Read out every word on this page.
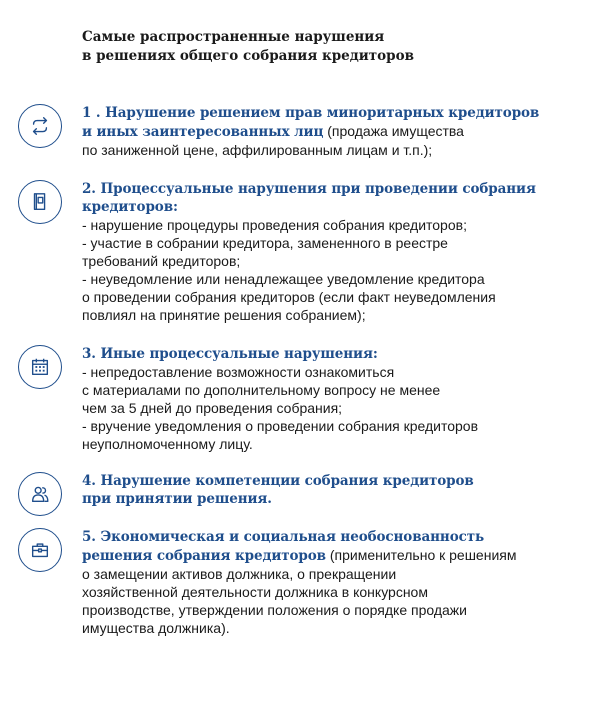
Самые распространенные нарушения
в решениях общего собрания кредиторов
1 . Нарушение решением прав миноритарных кредиторов
и иных заинтересованных лиц (продажа имущества
по заниженной цене, аффилированным лицам и т.п.);
2. Процессуальные нарушения при проведении собрания
кредиторов:
- нарушение процедуры проведения собрания кредиторов;
- участие в собрании кредитора, замененного в реестре
требований кредиторов;
- неуведомление или ненадлежащее уведомление кредитора
о проведении собрания кредиторов (если факт неуведомления
повлиял на принятие решения собранием);
3. Иные процессуальные нарушения:
- непредоставление возможности ознакомиться
с материалами по дополнительному вопросу не менее
чем за 5 дней до проведения собрания;
- вручение уведомления о проведении собрания кредиторов
неуполномоченному лицу.
4. Нарушение компетенции собрания кредиторов
при принятии решения.
5. Экономическая и социальная необоснованность
решения собрания кредиторов (применительно к решениям
о замещении активов должника, о прекращении
хозяйственной деятельности должника в конкурсном
производстве, утверждении положения о порядке продажи
имущества должника).
